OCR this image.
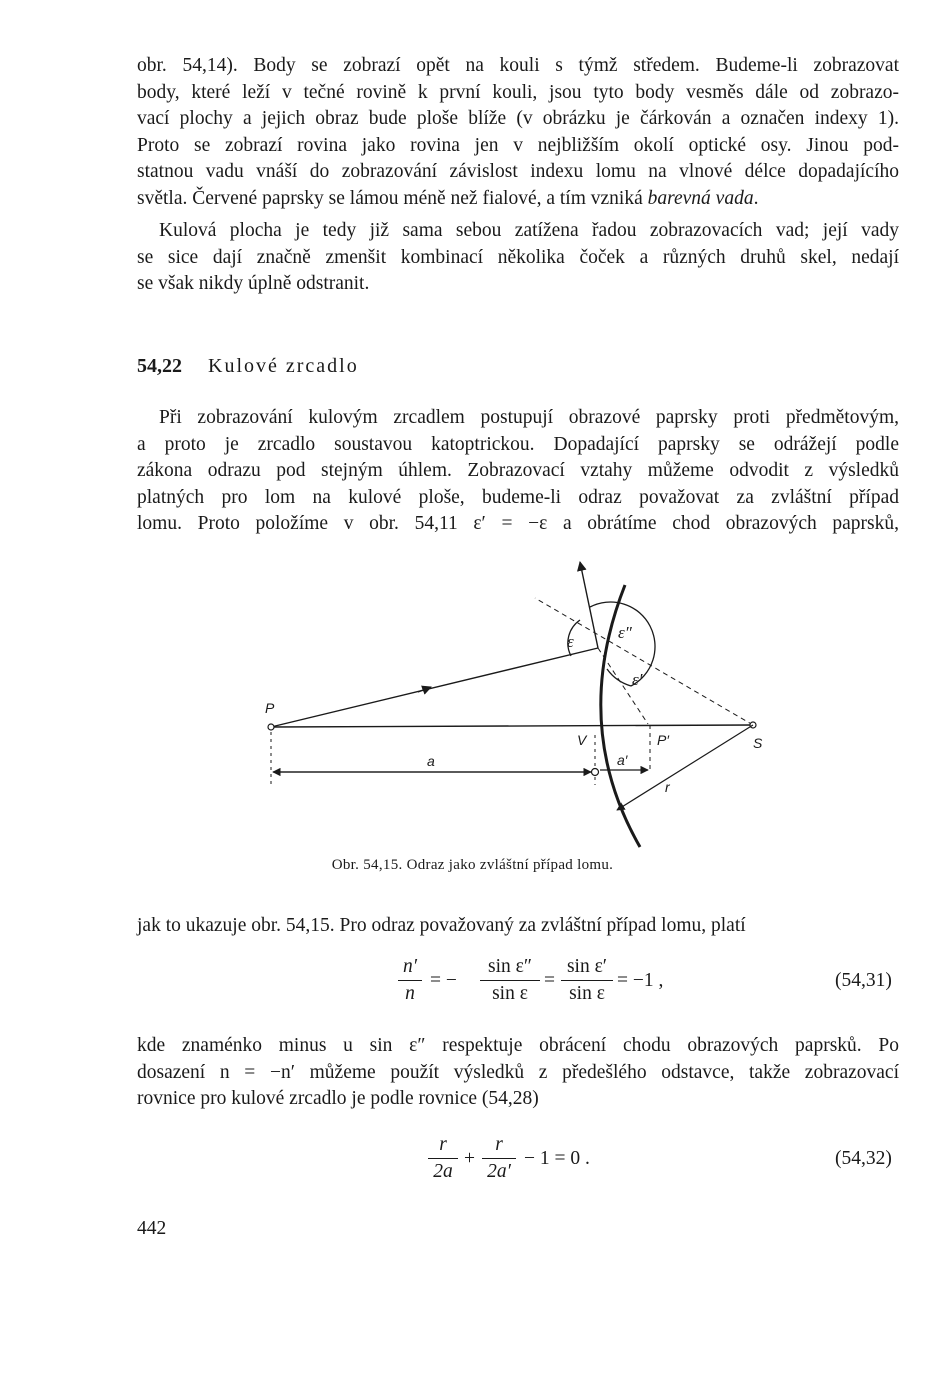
obr. 54,14). Body se zobrazí opět na kouli s týmž středem. Budeme-li zobrazovat
body, které leží v tečné rovině k první kouli, jsou tyto body vesměs dále od zobrazo-
vací plochy a jejich obraz bude ploše blíže (v obrázku je čárkován a označen indexy 1).
Proto se zobrazí rovina jako rovina jen v nejbližším okolí optické osy. Jinou pod-
statnou vadu vnáší do zobrazování závislost indexu lomu na vlnové délce dopadajícího
světla. Červené paprsky se lámou méně než fialové, a tím vzniká barevná vada.
Kulová plocha je tedy již sama sebou zatížena řadou zobrazovacích vad; její vady
se sice dají značně zmenšit kombinací několika čoček a různých druhů skel, nedají
se však nikdy úplně odstranit.
54,22 Kulové zrcadlo
Při zobrazování kulovým zrcadlem postupují obrazové paprsky proti předmětovým,
a proto je zrcadlo soustavou katoptrickou. Dopadající paprsky se odrážejí podle
zákona odrazu pod stejným úhlem. Zobrazovací vztahy můžeme odvodit z výsledků
platných pro lom na kulové ploše, budeme-li odraz považovat za zvláštní případ
lomu. Proto položíme v obr. 54,11 ε′ = −ε a obrátíme chod obrazových paprsků,
P
V	P′	S
a	a′
r
ε	ε″
ε′
Obr. 54,15. Odraz jako zvláštní případ lomu.
jak to ukazuje obr. 54,15. Pro odraz považovaný za zvláštní případ lomu, platí
n′
n
= −
sin ε″
sin ε
=
sin ε′
sin ε
= −1 ,	(54,31)
kde znaménko minus u sin ε″ respektuje obrácení chodu obrazových paprsků. Po
dosazení n = −n′ můžeme použít výsledků z předešlého odstavce, takže zobrazovací
rovnice pro kulové zrcadlo je podle rovnice (54,28)
r
2a
+
r
2a′
− 1 = 0 .	(54,32)
442
